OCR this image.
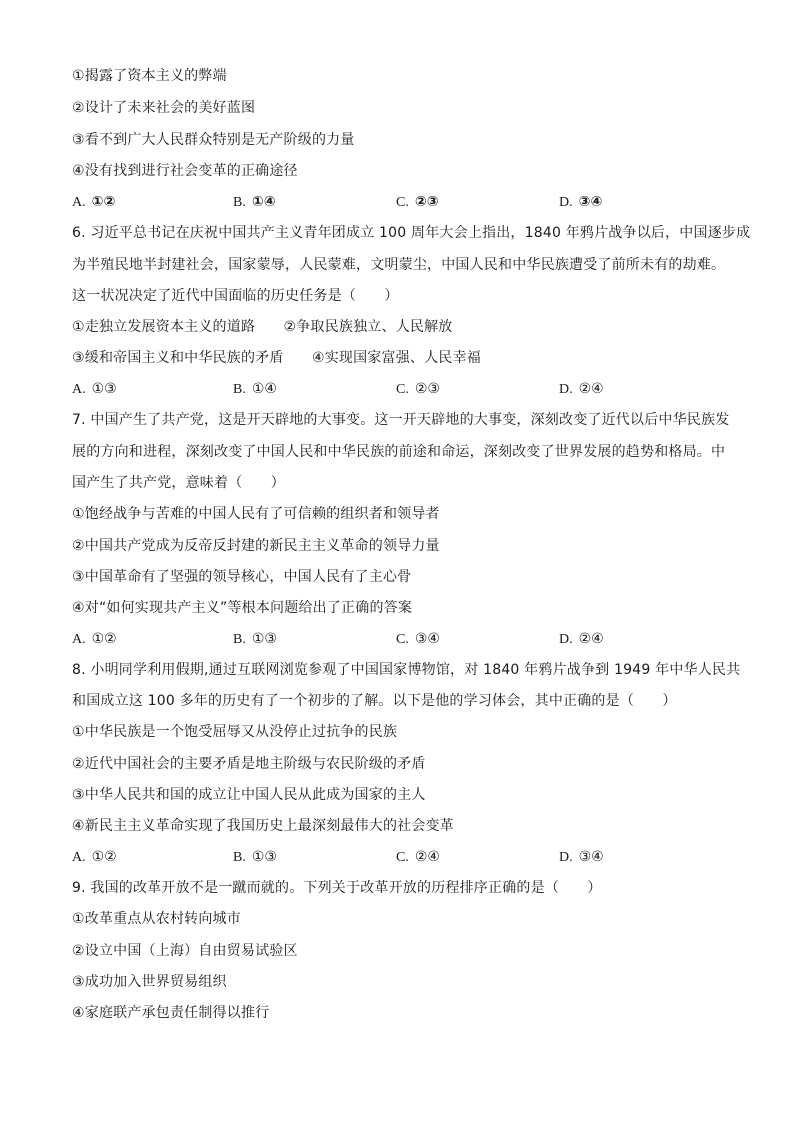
①揭露了资本主义的弊端
②设计了未来社会的美好蓝图
③看不到广大人民群众特别是无产阶级的力量
④没有找到进行社会变革的正确途径
A. ①②	B. ①④	C. ②③	D. ③④
6. 习近平总书记在庆祝中国共产主义青年团成立 100 周年大会上指出，1840 年鸦片战争以后，中国逐步成
为半殖民地半封建社会，国家蒙辱，人民蒙难，文明蒙尘，中国人民和中华民族遭受了前所未有的劫难。
这一状况决定了近代中国面临的历史任务是（　　）
①走独立发展资本主义的道路　　②争取民族独立、人民解放
③缓和帝国主义和中华民族的矛盾　　④实现国家富强、人民幸福
A. ①③	B. ①④	C. ②③	D. ②④
7. 中国产生了共产党，这是开天辟地的大事变。这一开天辟地的大事变，深刻改变了近代以后中华民族发
展的方向和进程，深刻改变了中国人民和中华民族的前途和命运，深刻改变了世界发展的趋势和格局。中
国产生了共产党，意味着（　　）
①饱经战争与苦难的中国人民有了可信赖的组织者和领导者
②中国共产党成为反帝反封建的新民主主义革命的领导力量
③中国革命有了坚强的领导核心，中国人民有了主心骨
④对“如何实现共产主义”等根本问题给出了正确的答案
A. ①②	B. ①③	C. ③④	D. ②④
8. 小明同学利用假期,通过互联网浏览参观了中国国家博物馆，对 1840 年鸦片战争到 1949 年中华人民共
和国成立这 100 多年的历史有了一个初步的了解。以下是他的学习体会，其中正确的是（　　）
①中华民族是一个饱受屈辱又从没停止过抗争的民族
②近代中国社会的主要矛盾是地主阶级与农民阶级的矛盾
③中华人民共和国的成立让中国人民从此成为国家的主人
④新民主主义革命实现了我国历史上最深刻最伟大的社会变革
A. ①②	B. ①③	C. ②④	D. ③④
9. 我国的改革开放不是一蹴而就的。下列关于改革开放的历程排序正确的是（　　）
①改革重点从农村转向城市
②设立中国（上海）自由贸易试验区
③成功加入世界贸易组织
④家庭联产承包责任制得以推行
